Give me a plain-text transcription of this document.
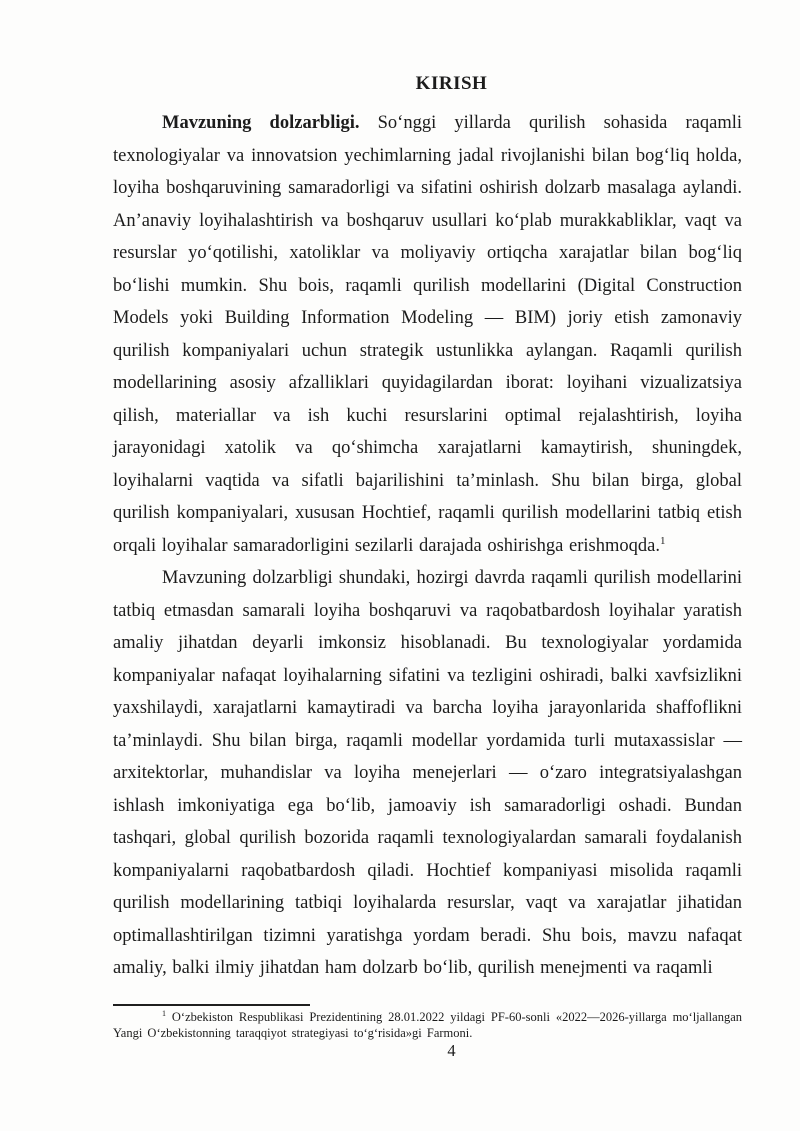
KIRISH

Mavzuning dolzarbligi. Soʻnggi yillarda qurilish sohasida raqamli texnologiyalar va innovatsion yechimlarning jadal rivojlanishi bilan bogʻliq holda, loyiha boshqaruvining samaradorligi va sifatini oshirish dolzarb masalaga aylandi. Anʼanaviy loyihalashtirish va boshqaruv usullari koʻplab murakkabliklar, vaqt va resurslar yoʻqotilishi, xatoliklar va moliyaviy ortiqcha xarajatlar bilan bogʻliq boʻlishi mumkin. Shu bois, raqamli qurilish modellarini (Digital Construction Models yoki Building Information Modeling — BIM) joriy etish zamonaviy qurilish kompaniyalari uchun strategik ustunlikka aylangan. Raqamli qurilish modellarining asosiy afzalliklari quyidagilardan iborat: loyihani vizualizatsiya qilish, materiallar va ish kuchi resurslarini optimal rejalashtirish, loyiha jarayonidagi xatolik va qoʻshimcha xarajatlarni kamaytirish, shuningdek, loyihalarni vaqtida va sifatli bajarilishini taʼminlash. Shu bilan birga, global qurilish kompaniyalari, xususan Hochtief, raqamli qurilish modellarini tatbiq etish orqali loyihalar samaradorligini sezilarli darajada oshirishga erishmoqda.$^1$

Mavzuning dolzarbligi shundaki, hozirgi davrda raqamli qurilish modellarini tatbiq etmasdan samarali loyiha boshqaruvi va raqobatbardosh loyihalar yaratish amaliy jihatdan deyarli imkonsiz hisoblanadi. Bu texnologiyalar yordamida kompaniyalar nafaqat loyihalarning sifatini va tezligini oshiradi, balki xavfsizlikni yaxshilaydi, xarajatlarni kamaytiradi va barcha loyiha jarayonlarida shaffoflikni taʼminlaydi. Shu bilan birga, raqamli modellar yordamida turli mutaxassislar — arxitektorlar, muhandislar va loyiha menejerlari — oʻzaro integratsiyalashgan ishlash imkoniyatiga ega boʻlib, jamoaviy ish samaradorligi oshadi. Bundan tashqari, global qurilish bozorida raqamli texnologiyalardan samarali foydalanish kompaniyalarni raqobatbardosh qiladi. Hochtief kompaniyasi misolida raqamli qurilish modellarining tatbiqi loyihalarda resurslar, vaqt va xarajatlar jihatidan optimallashtirilgan tizimni yaratishga yordam beradi. Shu bois, mavzu nafaqat amaliy, balki ilmiy jihatdan ham dolzarb boʻlib, qurilish menejmenti va raqamli

$^1$ Oʻzbekiston Respublikasi Prezidentining 28.01.2022 yildagi PF-60-sonli «2022—2026-yillarga moʻljallangan Yangi Oʻzbekistonning taraqqiyot strategiyasi toʻgʻrisida»gi Farmoni.

4
